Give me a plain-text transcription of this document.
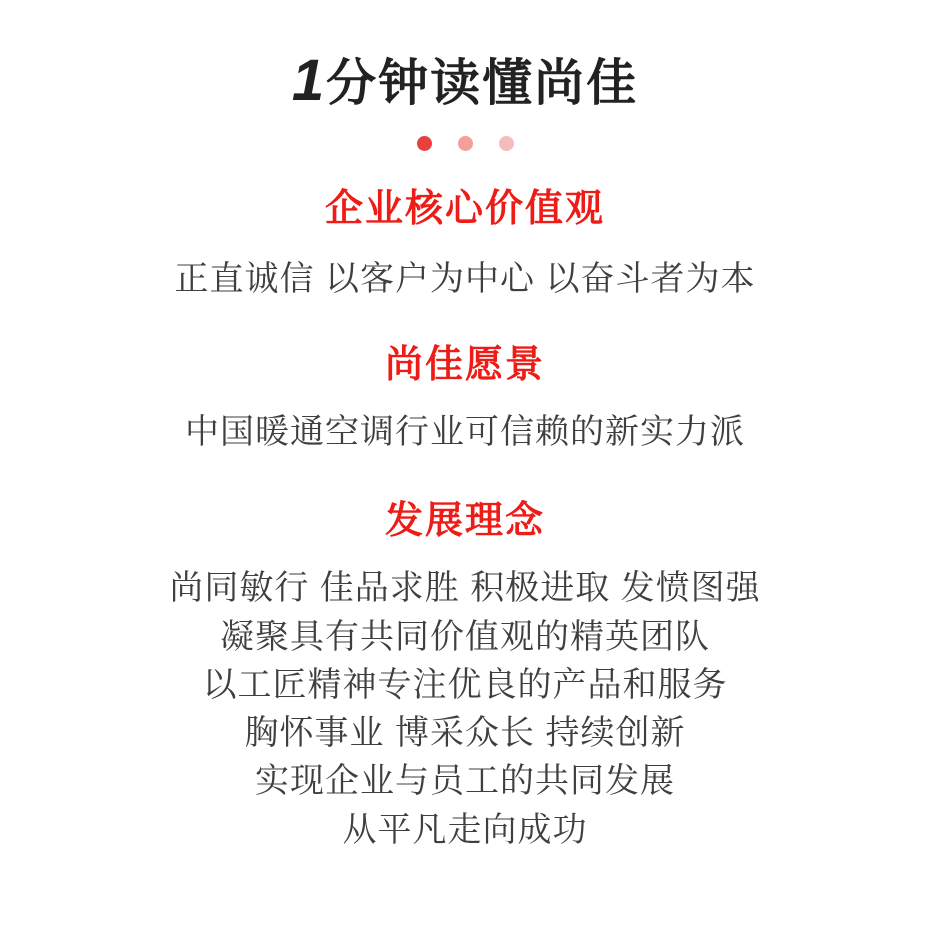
1 分钟读懂尚佳
企业核心价值观
正直诚信 以客户为中心 以奋斗者为本
尚佳愿景
中国暖通空调行业可信赖的新实力派
发展理念
尚同敏行 佳品求胜 积极进取 发愤图强
凝聚具有共同价值观的精英团队
以工匠精神专注优良的产品和服务
胸怀事业 博采众长 持续创新
实现企业与员工的共同发展
从平凡走向成功
